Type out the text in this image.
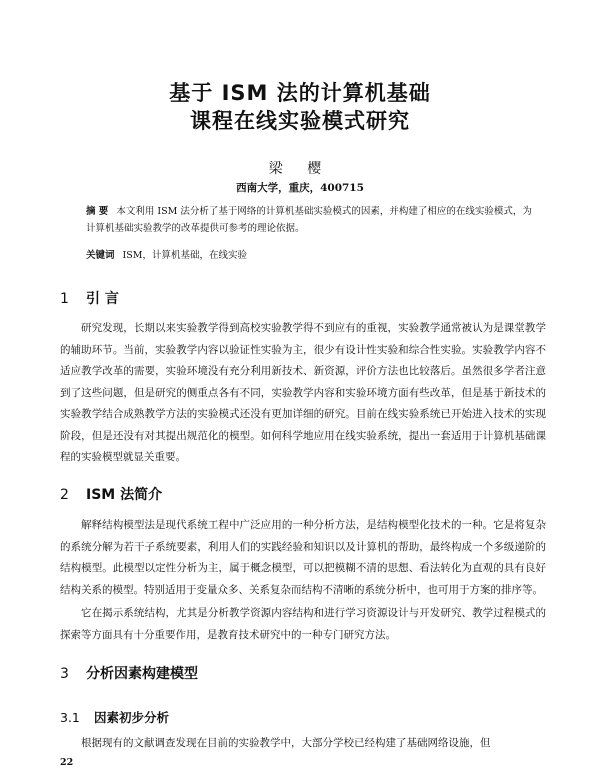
基于 ISM 法的计算机基础
课程在线实验模式研究
梁 樱
西南大学，重庆，400715
摘 要 本文利用 ISM 法分析了基于网络的计算机基础实验模式的因素，并构建了相应的在线实验模式，为计算机基础实验教学的改革提供可参考的理论依据。
关键词 ISM，计算机基础，在线实验
1 引 言
研究发现，长期以来实验教学得到高校实验教学得不到应有的重视，实验教学通常被认为是课堂教学的辅助环节。当前，实验教学内容以验证性实验为主，很少有设计性实验和综合性实验。实验教学内容不适应教学改革的需要，实验环境没有充分利用新技术、新资源，评价方法也比较落后。虽然很多学者注意到了这些问题，但是研究的侧重点各有不同，实验教学内容和实验环境方面有些改革，但是基于新技术的实验教学结合成熟教学方法的实验模式还没有更加详细的研究。目前在线实验系统已开始进入技术的实现阶段，但是还没有对其提出规范化的模型。如何科学地应用在线实验系统，提出一套适用于计算机基础课程的实验模型就显关重要。
2 ISM 法简介
解释结构模型法是现代系统工程中广泛应用的一种分析方法，是结构模型化技术的一种。它是将复杂的系统分解为若干子系统要素，利用人们的实践经验和知识以及计算机的帮助，最终构成一个多级递阶的结构模型。此模型以定性分析为主，属于概念模型，可以把模糊不清的思想、看法转化为直观的具有良好结构关系的模型。特别适用于变量众多、关系复杂而结构不清晰的系统分析中，也可用于方案的排序等。
它在揭示系统结构，尤其是分析教学资源内容结构和进行学习资源设计与开发研究、教学过程模式的探索等方面具有十分重要作用，是教育技术研究中的一种专门研究方法。
3 分析因素构建模型
3.1 因素初步分析
根据现有的文献调查发现在目前的实验教学中，大部分学校已经构建了基础网络设施，但
22
